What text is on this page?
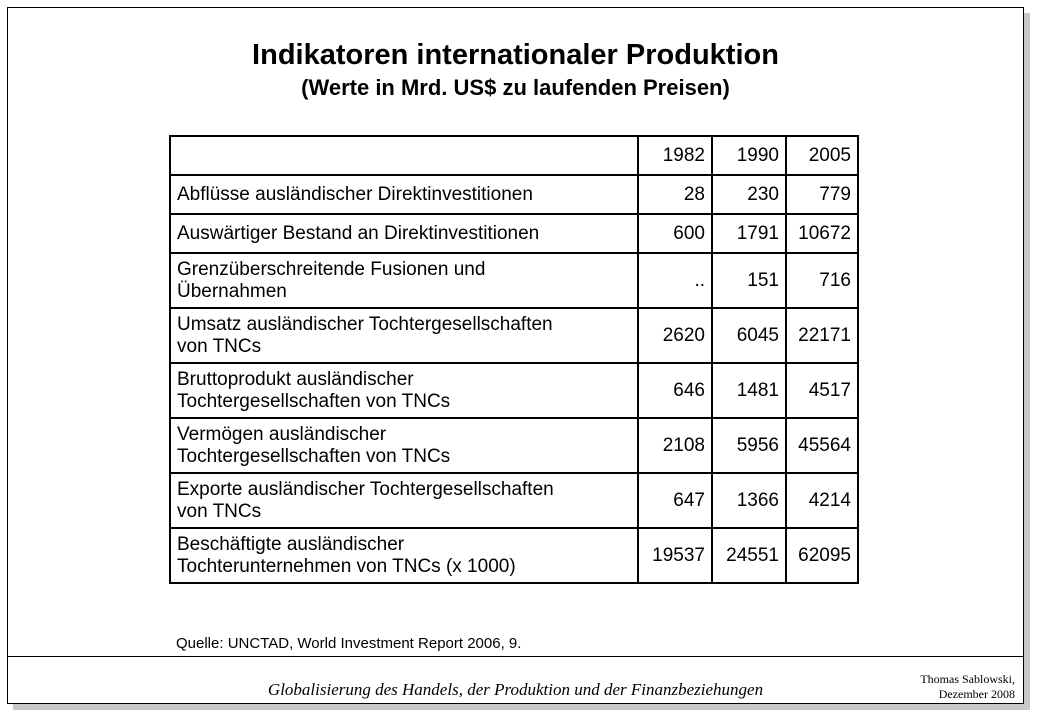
Indikatoren internationaler Produktion
(Werte in Mrd. US$ zu laufenden Preisen)
	1982	1990	2005
Abflüsse ausländischer Direktinvestitionen	28	230	779
Auswärtiger Bestand an Direktinvestitionen	600	1791	10672
Grenzüberschreitende Fusionen und
Übernahmen	..	151	716
Umsatz ausländischer Tochtergesellschaften
von TNCs	2620	6045	22171
Bruttoprodukt ausländischer
Tochtergesellschaften von TNCs	646	1481	4517
Vermögen ausländischer
Tochtergesellschaften von TNCs	2108	5956	45564
Exporte ausländischer Tochtergesellschaften
von TNCs	647	1366	4214
Beschäftigte ausländischer
Tochterunternehmen von TNCs (x 1000)	19537	24551	62095
Quelle: UNCTAD, World Investment Report 2006, 9.
Globalisierung des Handels, der Produktion und der Finanzbeziehungen
Thomas Sablowski,
Dezember 2008
